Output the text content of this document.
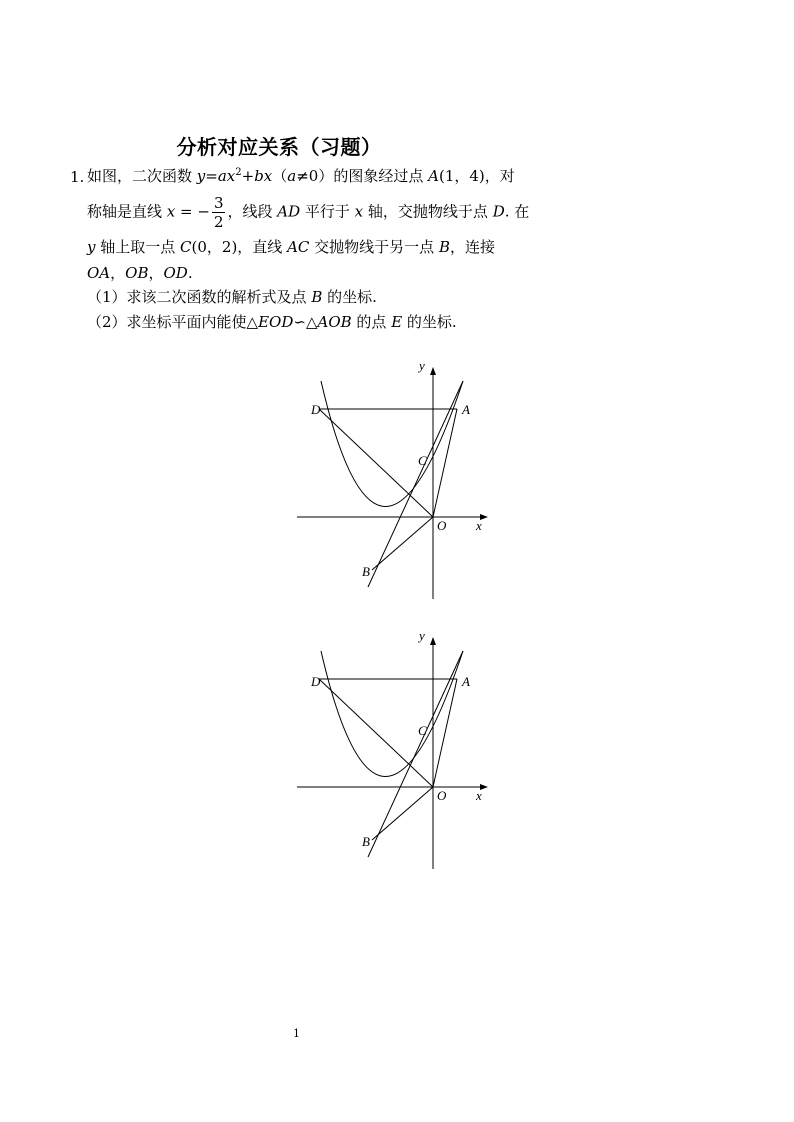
分析对应关系（习题）
1. 如图，二次函数 $y=ax^2+bx(a\ne 0)$的图象经过点 A(1，4)，对
称轴是直线 x = − $\frac{3}{2}$ ，线段 AD 平行于 x 轴，交抛物线于点 D. 在
y 轴上取一点 C(0，2)，直线 AC 交抛物线于另一点 B，连接
OA，OB，OD.
（1）求该二次函数的解析式及点 B 的坐标.
（2）求坐标平面内能使△EOD∽△AOB 的点 E 的坐标.
y
x
O
A
D
C
B
y
x
O
A
D
C
B
1
